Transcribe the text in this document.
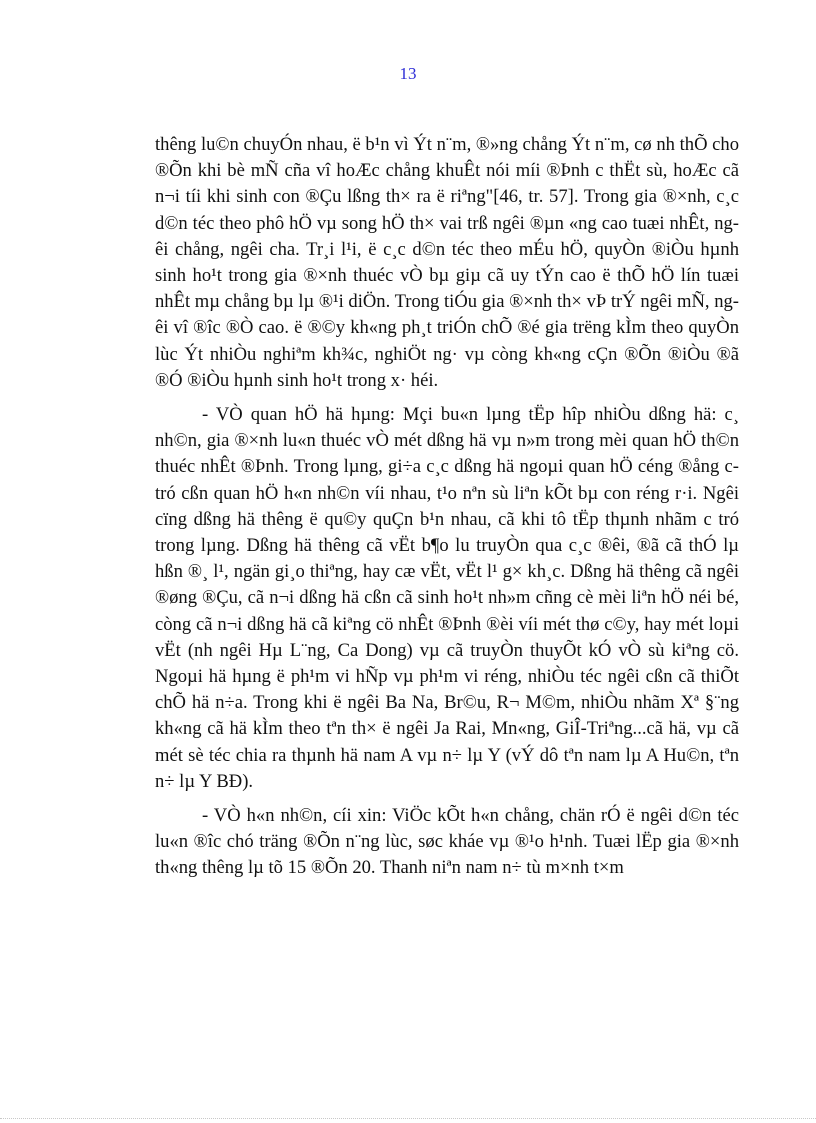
13

thêng lu©n chuyÓn nhau, ë b¹n vì Ýt n¨m, ®»ng chång Ýt n¨m, cø nh thÕ cho ®Õn khi bè mÑ cña vî hoÆc chång khuÊt nói míi ®Þnh c thËt sù, hoÆc cã n¬i tíi khi sinh con ®Çu lßng th× ra ë riªng"[46, tr. 57]. Trong gia ®×nh, c¸c d©n téc theo phô hÖ vµ song hÖ th× vai trß ngêi ®µn «ng cao tuæi nhÊt, ngêi chång, ngêi cha. Tr¸i l¹i, ë c¸c d©n téc theo mÉu hÖ, quyÒn ®iÒu hµnh sinh ho¹t trong gia ®×nh thuéc vÒ bµ giµ cã uy tÝn cao ë thÕ hÖ lín tuæi nhÊt mµ chång bµ lµ ®¹i diÖn. Trong tiÓu gia ®×nh th× vÞ trÝ ngêi mÑ, ngêi vî ®îc ®Ò cao. ë ®©y kh«ng ph¸t triÓn chÕ ®é gia trëng kÌm theo quyÒn lùc Ýt nhiÒu nghiªm kh¾c, nghiÖt ng· vµ còng kh«ng cÇn ®Õn ®iÒu ®ã ®Ó ®iÒu hµnh sinh ho¹t trong x· héi.

- VÒ quan hÖ hä hµng: Mçi bu«n lµng tËp hîp nhiÒu dßng hä: c¸ nh©n, gia ®×nh lu«n thuéc vÒ mét dßng hä vµ n»m trong mèi quan hÖ th©n thuéc nhÊt ®Þnh. Trong lµng, gi÷a c¸c dßng hä ngoµi quan hÖ céng ®ång c tró cßn quan hÖ h«n nh©n víi nhau, t¹o nªn sù liªn kÕt bµ con réng r·i. Ngêi cïng dßng hä thêng ë qu©y quÇn b¹n nhau, cã khi tô tËp thµnh nhãm c tró trong lµng. Dßng hä thêng cã vËt b¶o lu truyÒn qua c¸c ®êi, ®ã cã thÓ lµ hßn ®¸ l¹, ngän gi¸o thiªng, hay cæ vËt, vËt l¹ g× kh¸c. Dßng hä thêng cã ngêi ®øng ®Çu, cã n¬i dßng hä cßn cã sinh ho¹t nh»m cñng cè mèi liªn hÖ néi bé, còng cã n¬i dßng hä cã kiªng cö nhÊt ®Þnh ®èi víi mét thø c©y, hay mét loµi vËt (nh ngêi Hµ L¨ng, Ca Dong) vµ cã truyÒn thuyÕt kÓ vÒ sù kiªng cö. Ngoµi hä hµng ë ph¹m vi hÑp vµ ph¹m vi réng, nhiÒu téc ngêi cßn cã thiÕt chÕ hä n÷a. Trong khi ë ngêi Ba Na, Br©u, R¬ M©m, nhiÒu nhãm Xª §¨ng kh«ng cã hä kÌm theo tªn th× ë ngêi Ja Rai, Mn«ng, GiÎ-Triªng...cã hä, vµ cã mét sè téc chia ra thµnh hä nam A vµ n÷ lµ Y (vÝ dô tªn nam lµ A Hu©n, tªn n÷ lµ Y BĐ).

- VÒ h«n nh©n, cíi xin: ViÖc kÕt h«n chång, chän rÓ ë ngêi d©n téc lu«n ®îc chó träng ®Õn n¨ng lùc, søc kháe vµ ®¹o h¹nh. Tuæi lËp gia ®×nh th«ng thêng lµ tõ 15 ®Õn 20. Thanh niªn nam n÷ tù m×nh t×m
